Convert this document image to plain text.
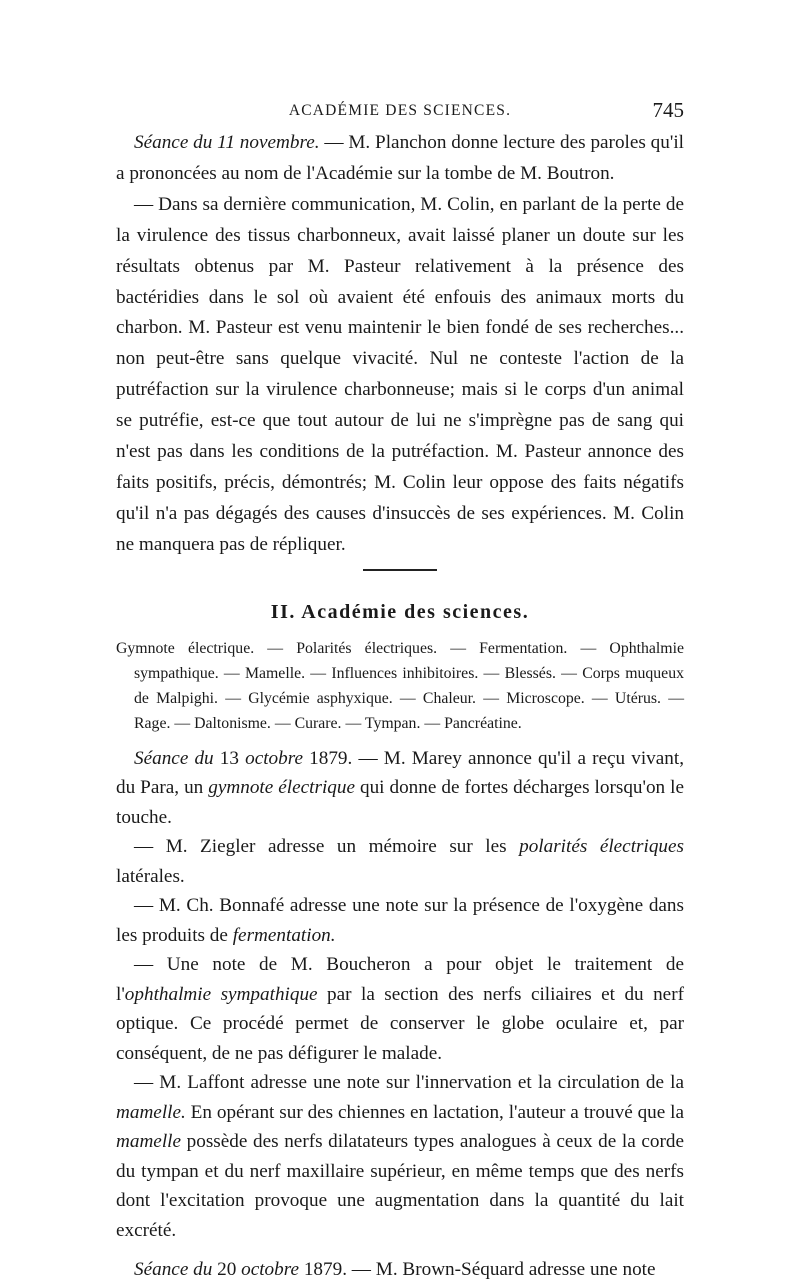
ACADÉMIE DES SCIENCES.	745

Séance du 11 novembre. — M. Planchon donne lecture des paroles qu'il a prononcées au nom de l'Académie sur la tombe de M. Boutron.

— Dans sa dernière communication, M. Colin, en parlant de la perte de la virulence des tissus charbonneux, avait laissé planer un doute sur les résultats obtenus par M. Pasteur relativement à la présence des bactéridies dans le sol où avaient été enfouis des animaux morts du charbon. M. Pasteur est venu maintenir le bien fondé de ses recherches... non peut-être sans quelque vivacité. Nul ne conteste l'action de la putréfaction sur la virulence charbonneuse; mais si le corps d'un animal se putréfie, est-ce que tout autour de lui ne s'imprègne pas de sang qui n'est pas dans les conditions de la putréfaction. M. Pasteur annonce des faits positifs, précis, démontrés; M. Colin leur oppose des faits négatifs qu'il n'a pas dégagés des causes d'insuccès de ses expériences. M. Colin ne manquera pas de répliquer.

II. Académie des sciences.

Gymnote électrique. — Polarités électriques. — Fermentation. — Ophthalmie sympathique. — Mamelle. — Influences inhibitoires. — Blessés. — Corps muqueux de Malpighi. — Glycémie asphyxique. — Chaleur. — Microscope. — Utérus. — Rage. — Daltonisme. — Curare. — Tympan. — Pancréatine.

Séance du 13 octobre 1879. — M. Marey annonce qu'il a reçu vivant, du Para, un gymnote électrique qui donne de fortes décharges lorsqu'on le touche.

— M. Ziegler adresse un mémoire sur les polarités électriques latérales.

— M. Ch. Bonnafé adresse une note sur la présence de l'oxygène dans les produits de fermentation.

— Une note de M. Boucheron a pour objet le traitement de l'ophthalmie sympathique par la section des nerfs ciliaires et du nerf optique. Ce procédé permet de conserver le globe oculaire et, par conséquent, de ne pas défigurer le malade.

— M. Laffont adresse une note sur l'innervation et la circulation de la mamelle. En opérant sur des chiennes en lactation, l'auteur a trouvé que la mamelle possède des nerfs dilatateurs types analogues à ceux de la corde du tympan et du nerf maxillaire supérieur, en même temps que des nerfs dont l'excitation provoque une augmentation dans la quantité du lait excrété.

Séance du 20 octobre 1879. — M. Brown-Séquard adresse une note
